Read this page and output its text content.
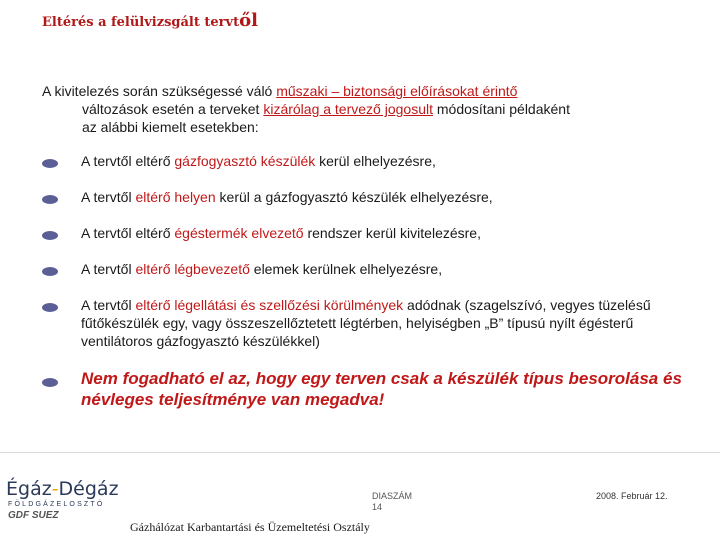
Eltérés a felülvizsgált tervtől
A kivitelezés során szükségessé váló műszaki – biztonsági előírásokat érintő
változások esetén a terveket kizárólag a tervező jogosult módosítani példaként
az alábbi kiemelt esetekben:
A tervtől eltérő gázfogyasztó készülék kerül elhelyezésre,
A tervtől eltérő helyen kerül a gázfogyasztó készülék elhelyezésre,
A tervtől eltérő égéstermék elvezető rendszer kerül kivitelezésre,
A tervtől eltérő légbevezető elemek kerülnek elhelyezésre,
A tervtől eltérő légellátási és szellőzési körülmények adódnak (szagelszívó, vegyes tüzelésű fűtőkészülék egy, vagy összeszellőztetett légtérben, helyiségben „B” típusú nyílt égésterű ventilátoros gázfogyasztó készülékkel)
Nem fogadható el az, hogy egy terven csak a készülék típus besorolása és névleges teljesítménye van megadva!
Égáz-Dégáz
FÖLDGÁZELOSZTÓ
GDF SUEZ
DIASZÁM
14
2008. Február 12.
Gázhálózat Karbantartási és Üzemeltetési Osztály
